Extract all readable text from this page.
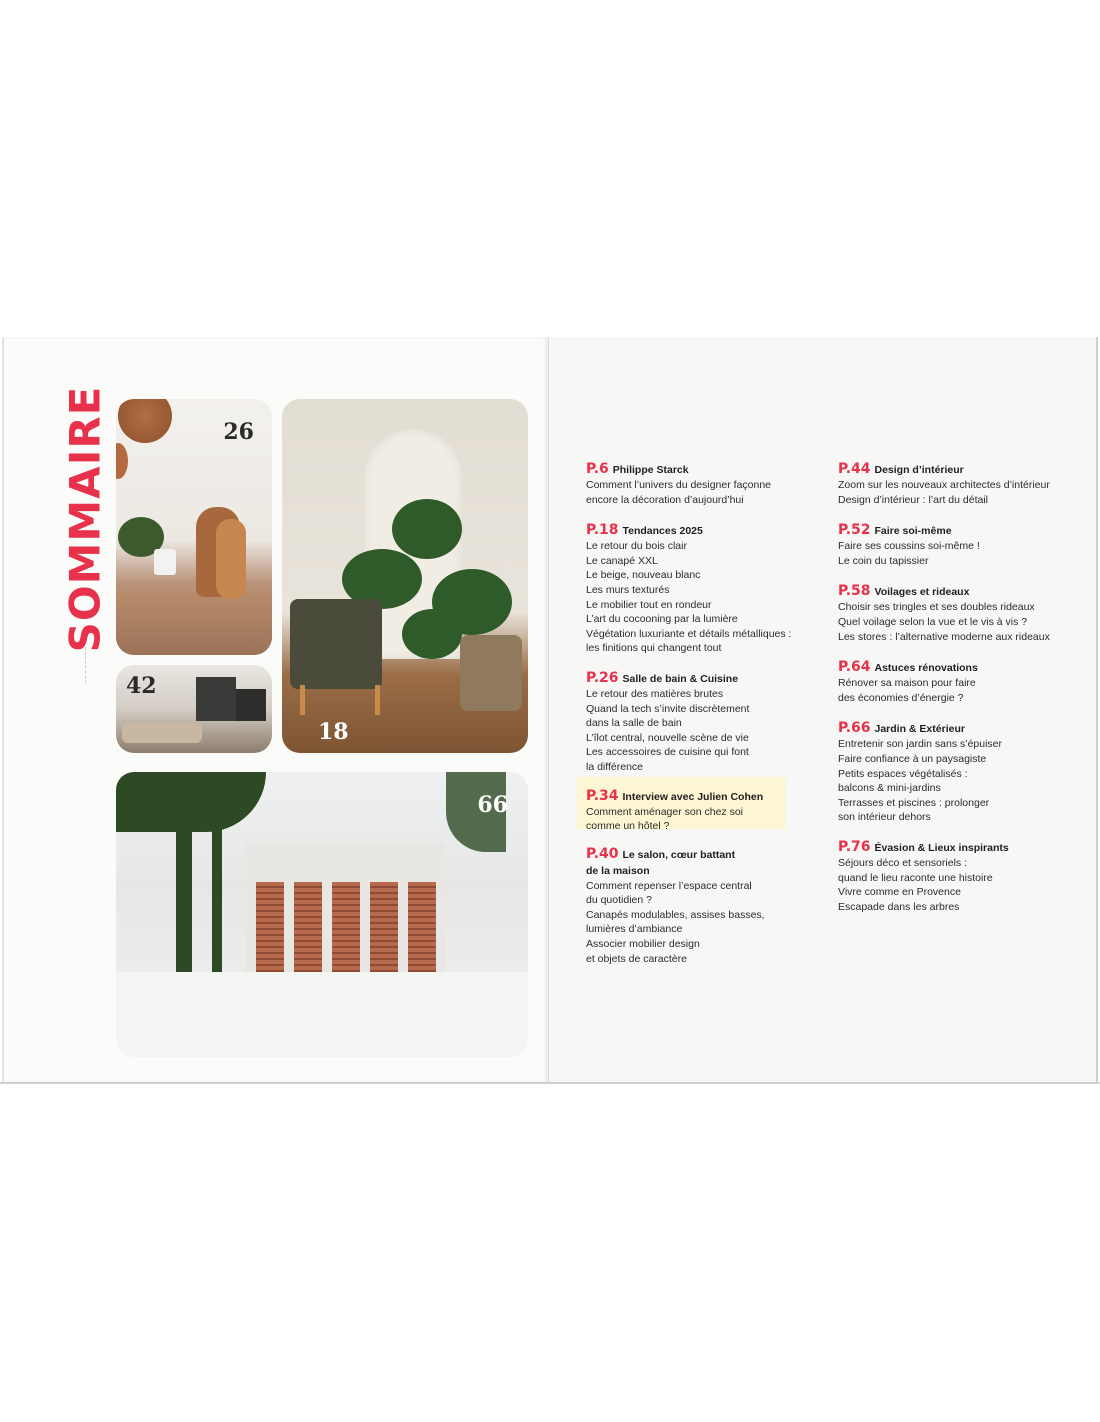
SOMMAIRE	26
42
18
66
P.6 Philippe Starck
Comment l’univers du designer façonne
encore la décoration d’aujourd’hui
P.18 Tendances 2025
Le retour du bois clair
Le canapé XXL
Le beige, nouveau blanc
Les murs texturés
Le mobilier tout en rondeur
L’art du cocooning par la lumière
Végétation luxuriante et détails métalliques :
les finitions qui changent tout
P.26 Salle de bain & Cuisine
Le retour des matières brutes
Quand la tech s’invite discrètement
dans la salle de bain
L’îlot central, nouvelle scène de vie
Les accessoires de cuisine qui font
la différence
P.34 Interview avec Julien Cohen
Comment aménager son chez soi
comme un hôtel ?
P.40 Le salon, cœur battant
de la maison
Comment repenser l’espace central
du quotidien ?
Canapés modulables, assises basses,
lumières d’ambiance
Associer mobilier design
et objets de caractère
P.44 Design d’intérieur
Zoom sur les nouveaux architectes d’intérieur
Design d’intérieur : l’art du détail
P.52 Faire soi-même
Faire ses coussins soi-même !
Le coin du tapissier
P.58 Voilages et rideaux
Choisir ses tringles et ses doubles rideaux
Quel voilage selon la vue et le vis à vis ?
Les stores : l’alternative moderne aux rideaux
P.64 Astuces rénovations
Rénover sa maison pour faire
des économies d’énergie ?
P.66 Jardin & Extérieur
Entretenir son jardin sans s’épuiser
Faire confiance à un paysagiste
Petits espaces végétalisés :
balcons & mini-jardins
Terrasses et piscines : prolonger
son intérieur dehors
P.76 Évasion & Lieux inspirants
Séjours déco et sensoriels :
quand le lieu raconte une histoire
Vivre comme en Provence
Escapade dans les arbres
